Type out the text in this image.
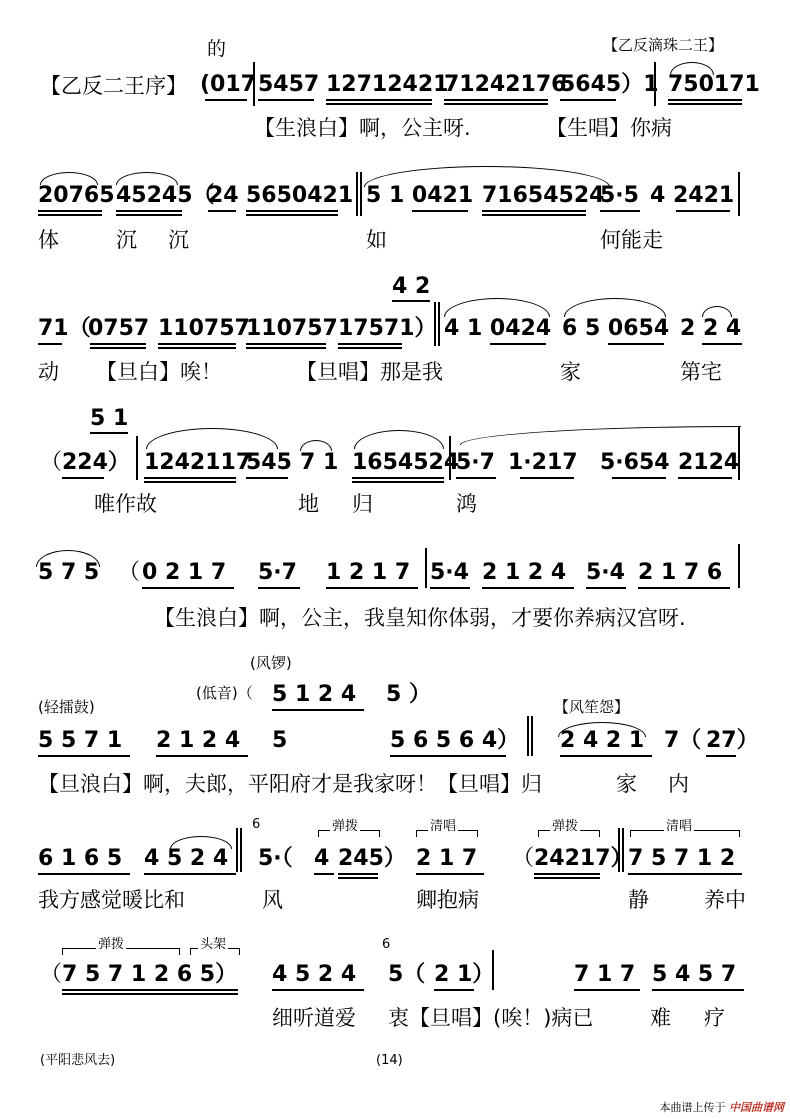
【乙反滴珠二王】
的
【乙反二王序】 (017 5457 12712421
71242176
5645）1 750171
【生浪白】啊，公主呀.	【生唱】你病
20765 45245（
24 5650421 5 1 0421 71654524
5·5 4 2421
体	沉 沉	如	何能走
4 2
71（
0757 110757
110757 17571） 4 1 0424 6 5 0654 2 2 4
动 【旦白】唉！	【旦唱】那是我	家	第宅
5 1
（ 224） 1242117
545 7 1 1654524
5·7 1·217 5·654 2124
唯作故	地 归	鸿
5 7 5 （ 0 2 1 7 5·7 1 2 1 7 5·4 2 1 2 4 5·4 2 1 7 6
【生浪白】啊，公主，我皇知你体弱，才要你养病汉宫呀.
(风锣)
(轻擂鼓)
(低音)（ 5 1 2 4 5 ）	【风笙怨】
5 5 7 1 2 1 2 4 5	5 6 5 6 4） 2 4 2 1 7（ 27）
【旦浪白】啊，夫郎，平阳府才是我家呀！【旦唱】归	家 内
6	弹拨	清唱	弹拨	清唱
6 1 6 5 4 5 2 4 5·（ 4 245） 2 1 7 （ 24217）
7 5 7 1 2
我方感觉暖比和	风	卿抱病	静	养中
弹拨	头架	6
（ 7 5 7 1 2 6 5） 4 5 2 4 5（ 2 1）	7 1 7 5 4 5 7
细听道爱 衷【旦唱】(唉！)病已	难 疗
(平阳悲风去)	(14)
本曲谱上传于 中国曲谱网
